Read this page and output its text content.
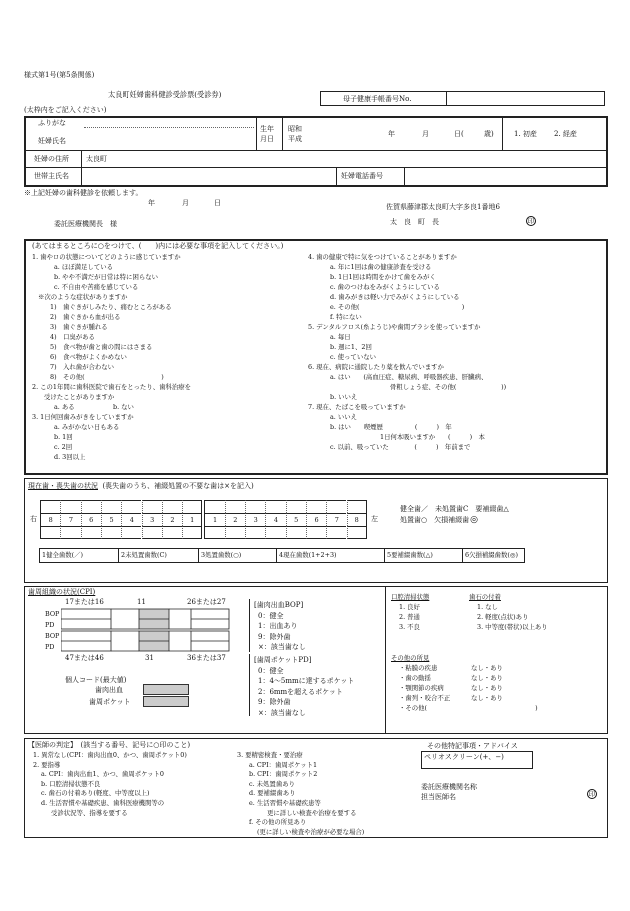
様式第1号(第5条関係)
太良町妊婦歯科健診受診票(受診券)	母子健康手帳番号No.
(太枠内をご記入ください)
ふりがな
妊婦氏名
生年
月日
昭和
平成
年	月	日(	歳)	1. 初産 2. 経産
妊婦の住所 太良町
世帯主氏名	妊婦電話番号
※上記妊婦の歯科健診を依頼します。
年	月	日	佐賀県藤津郡太良町大字多良1番地6
委託医療機関長　様	太　良　町　長	印
(あてはまるところに○をつけて、(　　)内には必要な事項を記入してください。)
1. 歯やロの状態についてどのように感じていますか
a. ほぼ満足している
b. やや不満だが日常は特に困らない
c. 不自由や苦痛を感じている
※次のような症状がありますか
1)　歯ぐきがしみたり、痛むところがある
2)　歯ぐきから血が出る
3)　歯ぐきが腫れる
4)　口臭がある
5)　食べ物が歯と歯の間にはさまる
6)　食べ物がよくかめない
7)　入れ歯が合わない
8)　その他(　　　　　　　　　　　　)
2. この1年間に歯科医院で歯石をとったり、歯科治療を
受けたことがありますか
a. ある　　　　　　b. ない
3. 1日何回歯みがきをしていますか
a. みがかない日もある
b. 1回
c. 2回
d. 3回以上
4. 歯の健康で特に気をつけていることがありますか
a. 年に1回は歯の健康診査を受ける
b. 1日1回は時間をかけて歯をみがく
c. 歯のつけねをみがくようにしている
d. 歯みがきは軽い力でみがくようにしている
e. その他(　　　　　　　　　　　　　　　　)
f. 特にない
5. デンタルフロス(糸ようじ)や歯間ブラシを使っていますか
a. 毎日
b. 週に1、2回
c. 使っていない
6. 現在、病院に通院したり薬を飲んでいますか
a. はい　　(高血圧症、糖尿病、呼吸器疾患、肝臓病、
骨粗しょう症、その他(　　　　　　　))
b. いいえ
7. 現在、たばこを吸っていますか
a. いいえ
b. はい　　喫煙歴　　　　　(　　　)　年
1日何本吸いますか　　(　　　)　本
c. 以前、吸っていた　　　　(　　　)　年前まで
現在歯・喪失歯の状況 (喪失歯のうち、補綴処置の不要な歯は×を記入)
右	左
健全歯／　未処置歯C　要補綴歯△
処置歯○　欠損補綴歯◎
8	7	6	5	4	3	2	1	1	2	3	4	5	6	7	8
1健全歯数(／)	2未処置歯数(C)	3処置歯数(○)	4現在歯数(1+2+3)	5要補綴歯数(△)	6欠損補綴歯数(◎)
歯周組織の状況(CPI)
17または16	11	26または27
BOP
PD
BOP
PD
47または46	31	36または37
個人コード(最大値)
歯肉出血
歯周ポケット
[歯肉出血BOP]
0：健全
1：出血あり
9：除外歯
×：該当歯なし
[歯周ポケットPD]
0：健全
1：4〜5mmに達するポケット
2：6mmを超えるポケット
9：除外歯
×：該当歯なし
口腔清掃状態
1. 良好
2. 普通
3. 不良
歯石の付着
1. なし
2. 軽度(点状)あり
3. 中等度(帯状)以上あり
その他の所見
・粘膜の疾患	なし・あり
・歯の動揺	なし・あり
・顎関節の疾病	なし・あり
・歯列・咬合不正	なし・あり
・その他(	)
【医師の判定】　(該当する番号、記号に○印のこと)
1. 異常なし(CPI：歯肉出血0、かつ、歯周ポケット0)
2. 要指導
a. CPI：歯肉出血1、かつ、歯周ポケット0
b. 口腔清掃状態不良
c. 歯石の付着あり(軽度、中等度以上)
d. 生活習慣や基礎疾患、歯科医療機関等の
受診状況等、指導を要する
3. 要精密検査・要治療
a. CPI：歯周ポケット1
b. CPI：歯周ポケット2
c. 未処置歯あり
d. 要補綴歯あり
e. 生活習慣や基礎疾患等
更に詳しい検査や治療を要する
f. その他の所見あり
(更に詳しい検査や治療が必要な場合)
その他特記事項・アドバイス
ペリオスクリーン(+、−)
委託医療機関名称
担当医師名	印
